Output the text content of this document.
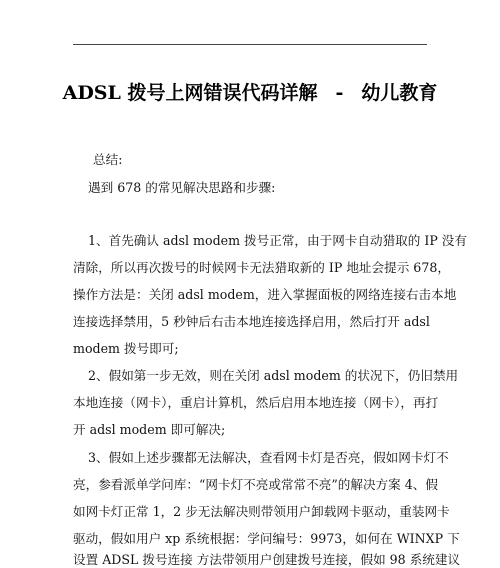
ADSL 拨号上网错误代码详解 - 幼儿教育
总结:
遇到 678 的常见解决思路和步骤:
1、首先确认 adsl modem 拨号正常，由于网卡自动猎取的 IP 没有
清除，所以再次拨号的时候网卡无法猎取新的 IP 地址会提示 678，
操作方法是：关闭 adsl modem，进入掌握面板的网络连接右击本地
连接选择禁用，5 秒钟后右击本地连接选择启用，然后打开 adsl
modem 拨号即可;
2、假如第一步无效，则在关闭 adsl modem 的状况下，仍旧禁用
本地连接（网卡），重启计算机，然后启用本地连接（网卡），再打
开 adsl modem 即可解决;
3、假如上述步骤都无法解决，查看网卡灯是否亮，假如网卡灯不
亮，参看派单学问库：“网卡灯不亮或常常不亮”的解决方案 4、假
如网卡灯正常 1，2 步无法解决则带领用户卸载网卡驱动，重装网卡
驱动，假如用户 xp 系统根据：学问编号：9973，如何在 WINXP 下
设置 ADSL 拨号连接 方法带领用户创建拨号连接，假如 98 系统建议
